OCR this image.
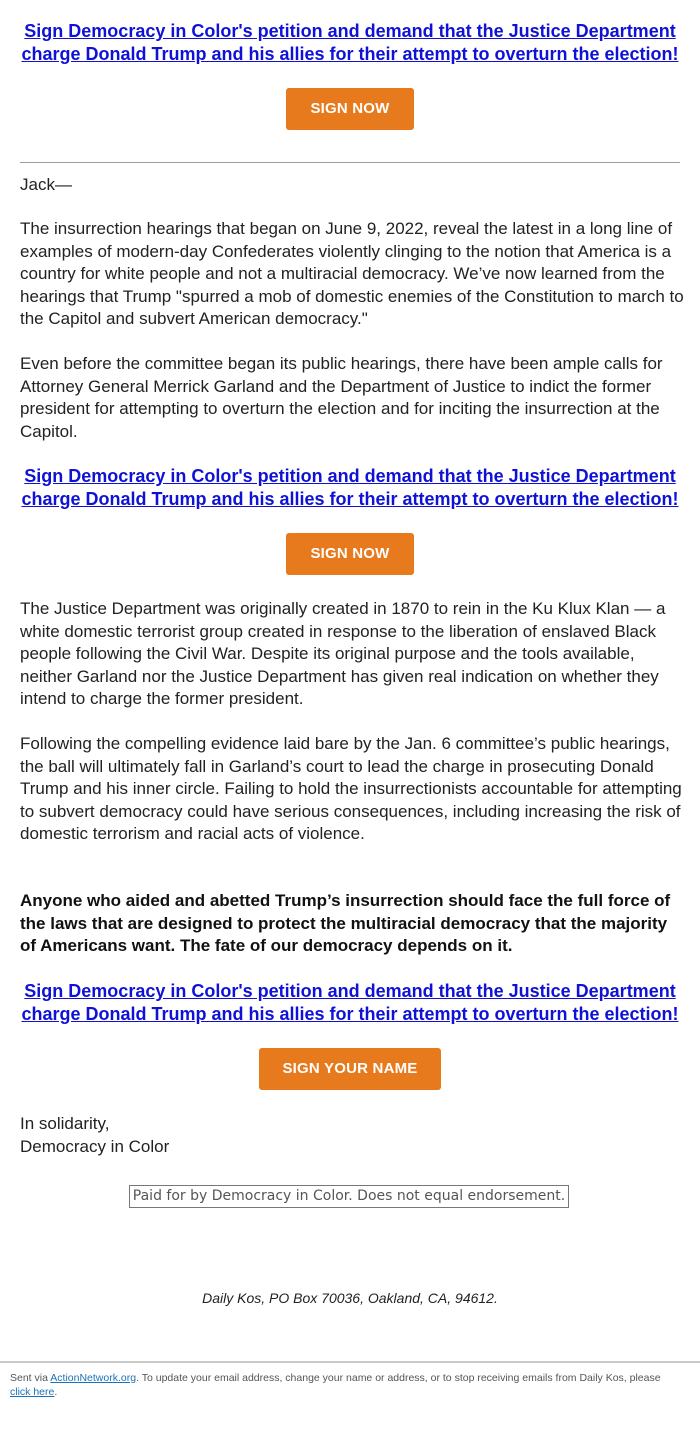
Sign Democracy in Color's petition and demand that the Justice Department
charge Donald Trump and his allies for their attempt to overturn the election!
SIGN NOW

Jack—

The insurrection hearings that began on June 9, 2022, reveal the latest in a long line of examples of modern-day Confederates violently clinging to the notion that America is a country for white people and not a multiracial democracy. We’ve now learned from the hearings that Trump "spurred a mob of domestic enemies of the Constitution to march to the Capitol and subvert American democracy."

Even before the committee began its public hearings, there have been ample calls for Attorney General Merrick Garland and the Department of Justice to indict the former president for attempting to overturn the election and for inciting the insurrection at the Capitol.

Sign Democracy in Color's petition and demand that the Justice Department
charge Donald Trump and his allies for their attempt to overturn the election!
SIGN NOW

The Justice Department was originally created in 1870 to rein in the Ku Klux Klan — a white domestic terrorist group created in response to the liberation of enslaved Black people following the Civil War. Despite its original purpose and the tools available, neither Garland nor the Justice Department has given real indication on whether they intend to charge the former president.

Following the compelling evidence laid bare by the Jan. 6 committee’s public hearings, the ball will ultimately fall in Garland’s court to lead the charge in prosecuting Donald Trump and his inner circle. Failing to hold the insurrectionists accountable for attempting to subvert democracy could have serious consequences, including increasing the risk of domestic terrorism and racial acts of violence.

Anyone who aided and abetted Trump’s insurrection should face the full force of the laws that are designed to protect the multiracial democracy that the majority of Americans want. The fate of our democracy depends on it.

Sign Democracy in Color's petition and demand that the Justice Department
charge Donald Trump and his allies for their attempt to overturn the election!
SIGN YOUR NAME

In solidarity,
Democracy in Color

Paid for by Democracy in Color. Does not equal endorsement.
Daily Kos, PO Box 70036, Oakland, CA, 94612.

Sent via ActionNetwork.org. To update your email address, change your name or address, or to stop receiving emails from Daily Kos, please click here.
